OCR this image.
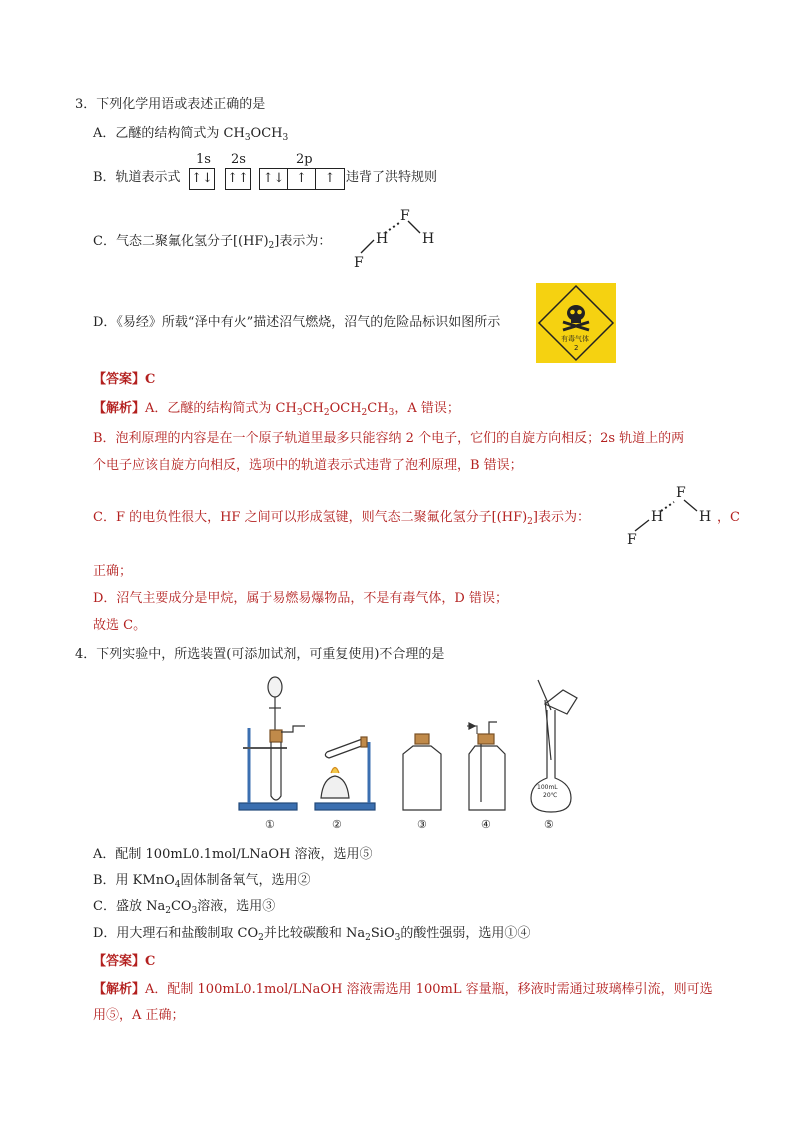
3．下列化学用语或表述正确的是
A．乙醚的结构简式为 $CH_3OCH_3$
B．轨道表示式
1s 2s	2p
↑↓ ↑↑ ↑↓ ↑ ↑ 违背了洪特规则
C．气态二聚氟化氢分子$[(HF)_2]$表示为：	H
F
H
F
D．《易经》所载“泽中有火”描述沼气燃烧，沼气的危险品标识如图所示
有毒气体
2
【答案】C
【解析】A．乙醚的结构简式为 $CH_3CH_2OCH_2CH_3$，A 错误；
B．泡利原理的内容是在一个原子轨道里最多只能容纳 2 个电子，它们的自旋方向相反；2s 轨道上的两
个电子应该自旋方向相反，选项中的轨道表示式违背了泡利原理，B 错误；
C．F 的电负性很大，HF 之间可以形成氢键，则气态二聚氟化氢分子$[(HF)_2]$表示为：	H
F
H
F
，C
正确；
D．沼气主要成分是甲烷，属于易燃易爆物品，不是有毒气体，D 错误；
故选 C。
4．下列实验中，所选装置(可添加试剂，可重复使用)不合理的是
100mL
20℃
①	②	③	④	⑤
A．配制 100mL0.1mol/LNaOH 溶液，选用⑤
B．用 KMnO$_4$固体制备氧气，选用②
C．盛放 $Na_2CO_3$溶液，选用③
D．用大理石和盐酸制取 $CO_2$并比较碳酸和 $Na_2SiO_3$的酸性强弱，选用①④
【答案】C
【解析】A．配制 100mL0.1mol/LNaOH 溶液需选用 100mL 容量瓶，移液时需通过玻璃棒引流，则可选
用⑤，A 正确；
